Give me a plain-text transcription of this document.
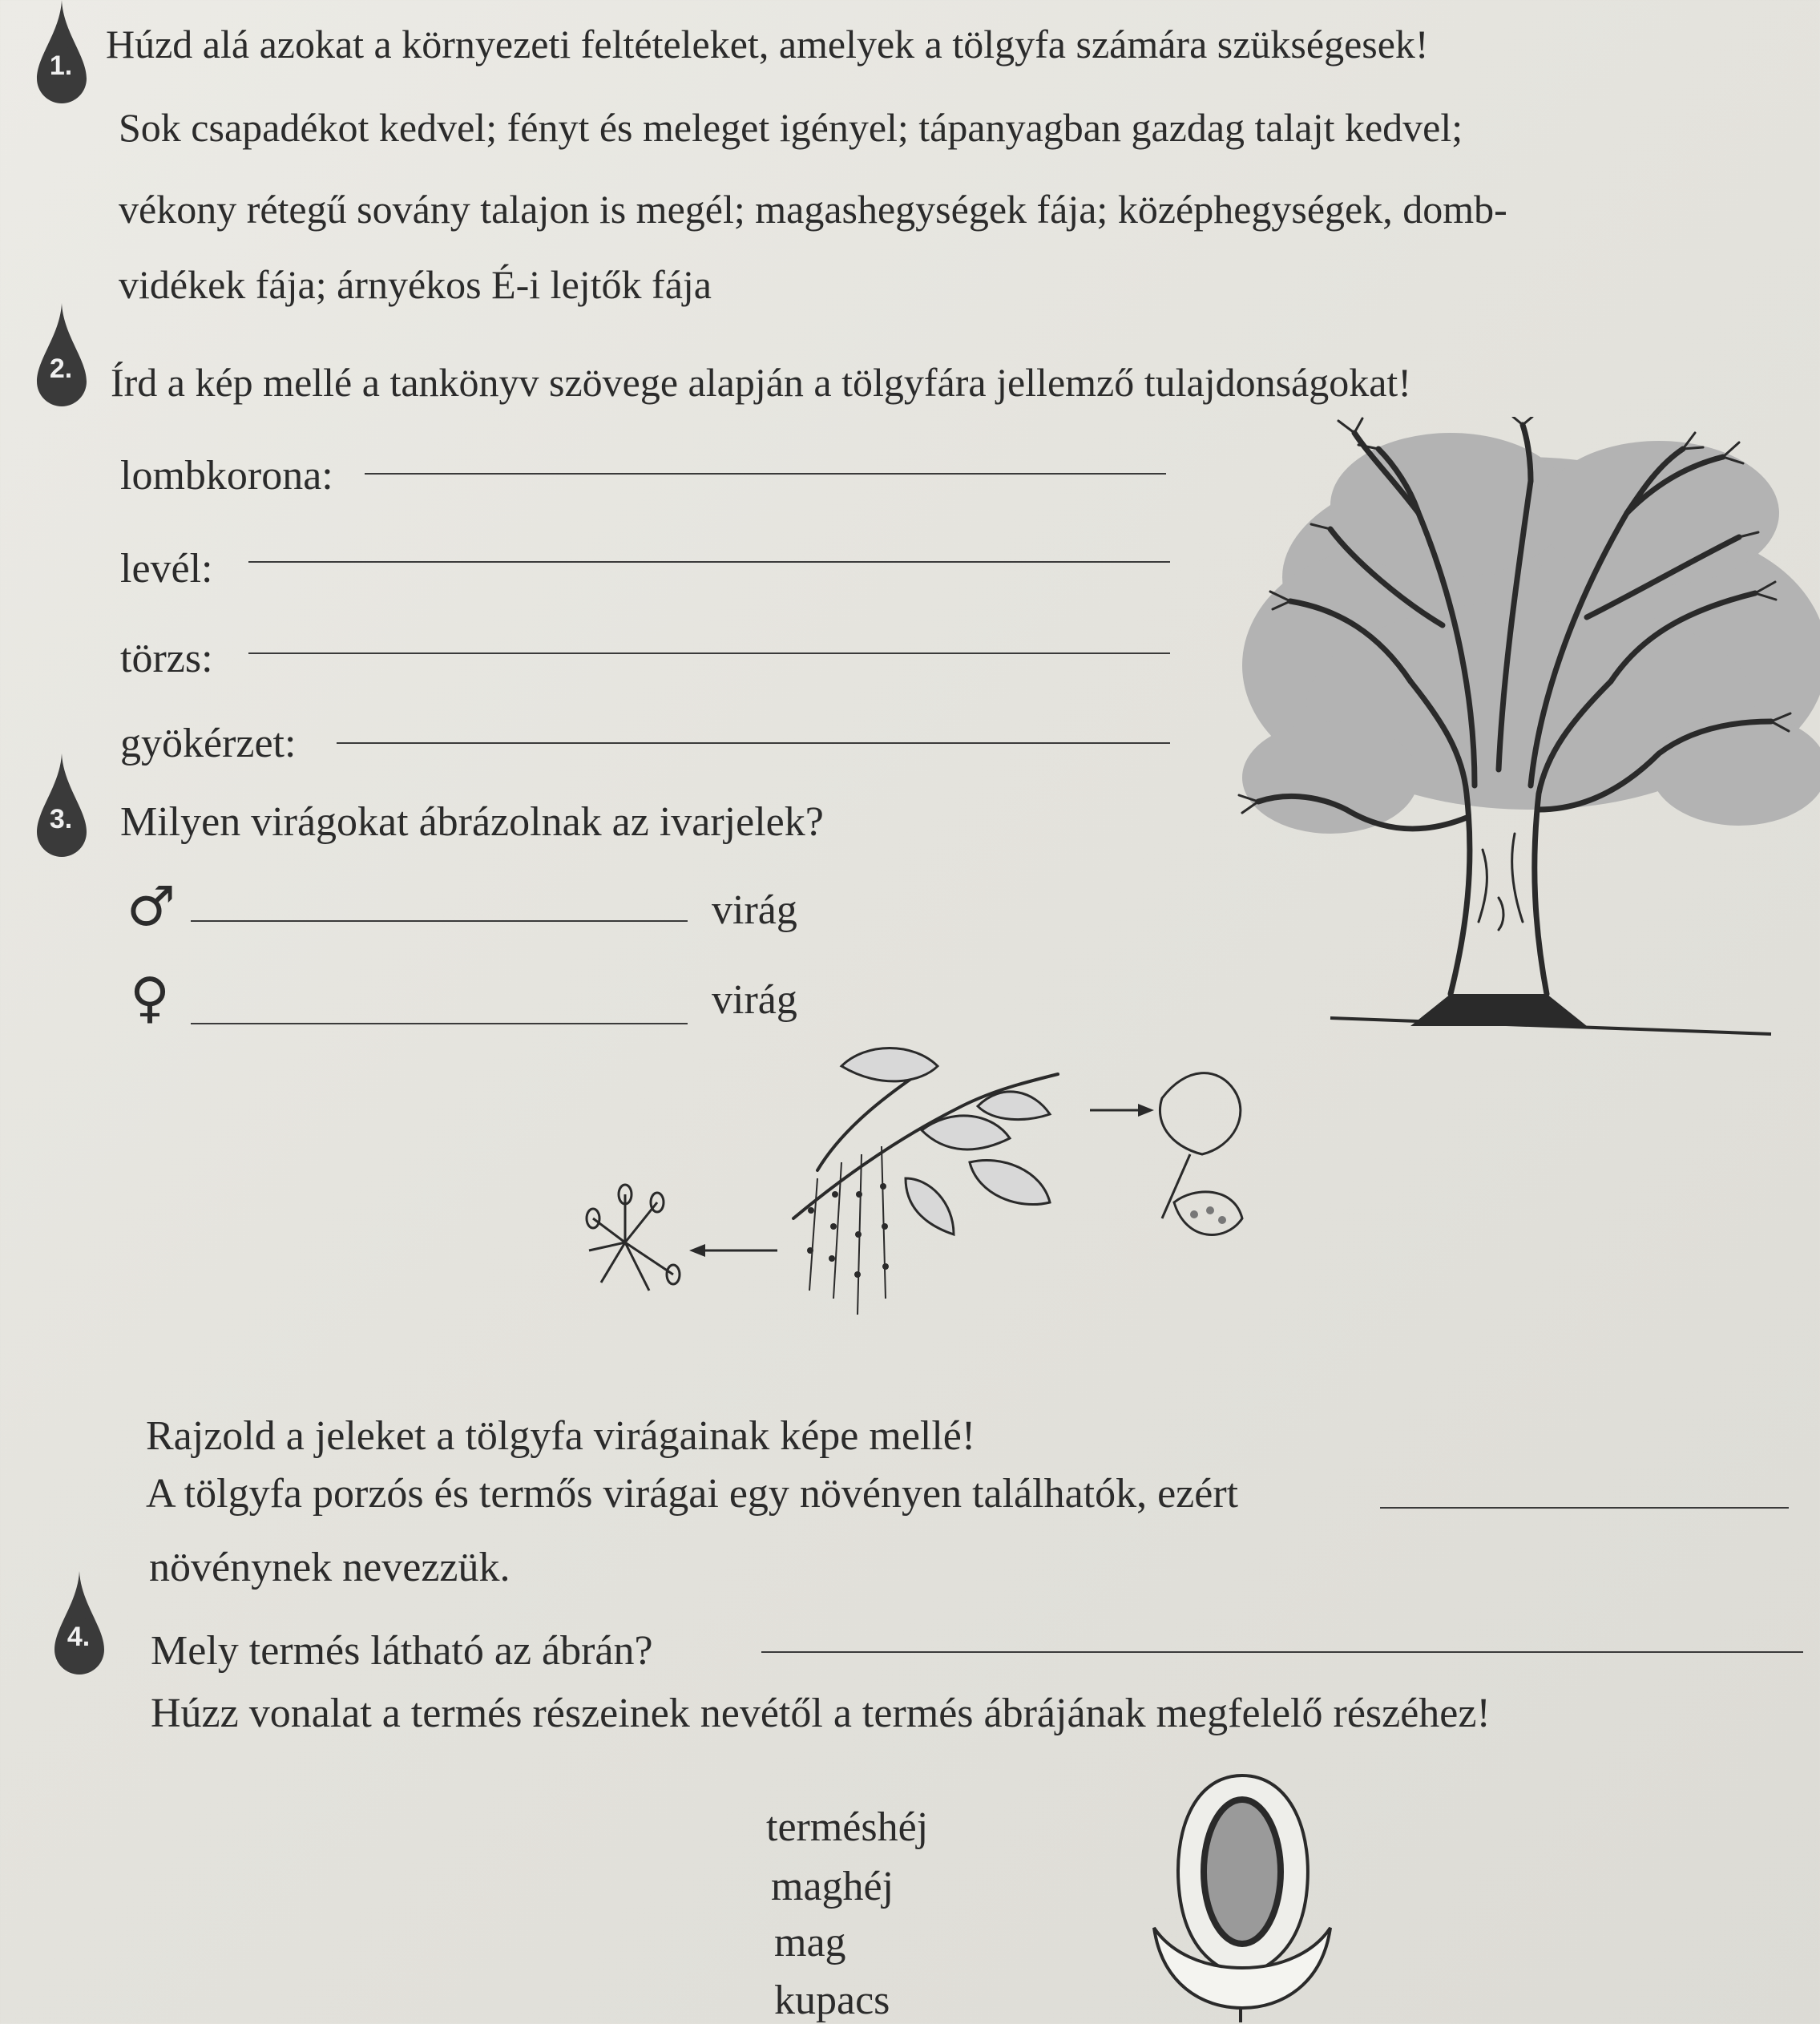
1. Húzd alá azokat a környezeti feltételeket, amelyek a tölgyfa számára szükségesek!
Sok csapadékot kedvel; fényt és meleget igényel; tápanyagban gazdag talajt kedvel;
vékony rétegű sovány talajon is megél; magashegységek fája; középhegységek, domb-
vidékek fája; árnyékos É-i lejtők fája
2. Írd a kép mellé a tankönyv szövege alapján a tölgyfára jellemző tulajdonságokat!
lombkorona:
levél:
törzs:
gyökérzet:
3. Milyen virágokat ábrázolnak az ivarjelek?
♂	virág
♀	virág
Rajzold a jeleket a tölgyfa virágainak képe mellé!
A tölgyfa porzós és termős virágai egy növényen találhatók, ezért
növénynek nevezzük.
4. Mely termés látható az ábrán?
Húzz vonalat a termés részeinek nevétől a termés ábrájának megfelelő részéhez!
terméshéj
maghéj
mag
kupacs
